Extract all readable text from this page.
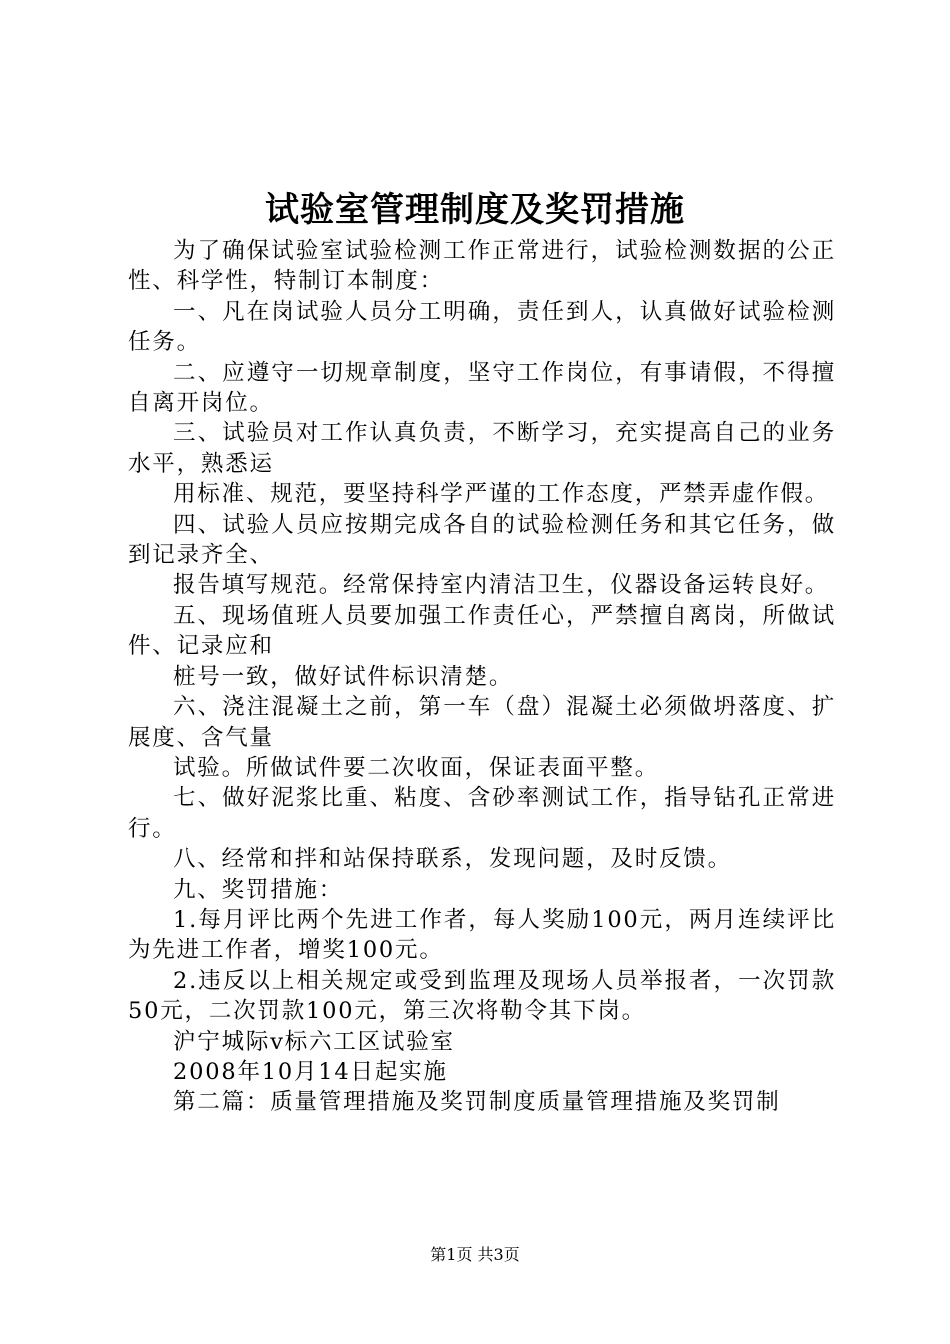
试验室管理制度及奖罚措施

为了确保试验室试验检测工作正常进行，试验检测数据的公正性、科学性，特制订本制度：

一、凡在岗试验人员分工明确，责任到人，认真做好试验检测任务。

二、应遵守一切规章制度，坚守工作岗位，有事请假，不得擅自离开岗位。

三、试验员对工作认真负责，不断学习，充实提高自己的业务水平，熟悉运

用标准、规范，要坚持科学严谨的工作态度，严禁弄虚作假。

四、试验人员应按期完成各自的试验检测任务和其它任务，做到记录齐全、

报告填写规范。经常保持室内清洁卫生，仪器设备运转良好。

五、现场值班人员要加强工作责任心，严禁擅自离岗，所做试件、记录应和

桩号一致，做好试件标识清楚。

六、浇注混凝土之前，第一车（盘）混凝土必须做坍落度、扩展度、含气量

试验。所做试件要二次收面，保证表面平整。

七、做好泥浆比重、粘度、含砂率测试工作，指导钻孔正常进行。

八、经常和拌和站保持联系，发现问题，及时反馈。

九、奖罚措施：

1.每月评比两个先进工作者，每人奖励100元，两月连续评比为先进工作者，增奖100元。

2.违反以上相关规定或受到监理及现场人员举报者，一次罚款50元，二次罚款100元，第三次将勒令其下岗。

沪宁城际v标六工区试验室

2008年10月14日起实施

第二篇：质量管理措施及奖罚制度质量管理措施及奖罚制

第1页 共3页
